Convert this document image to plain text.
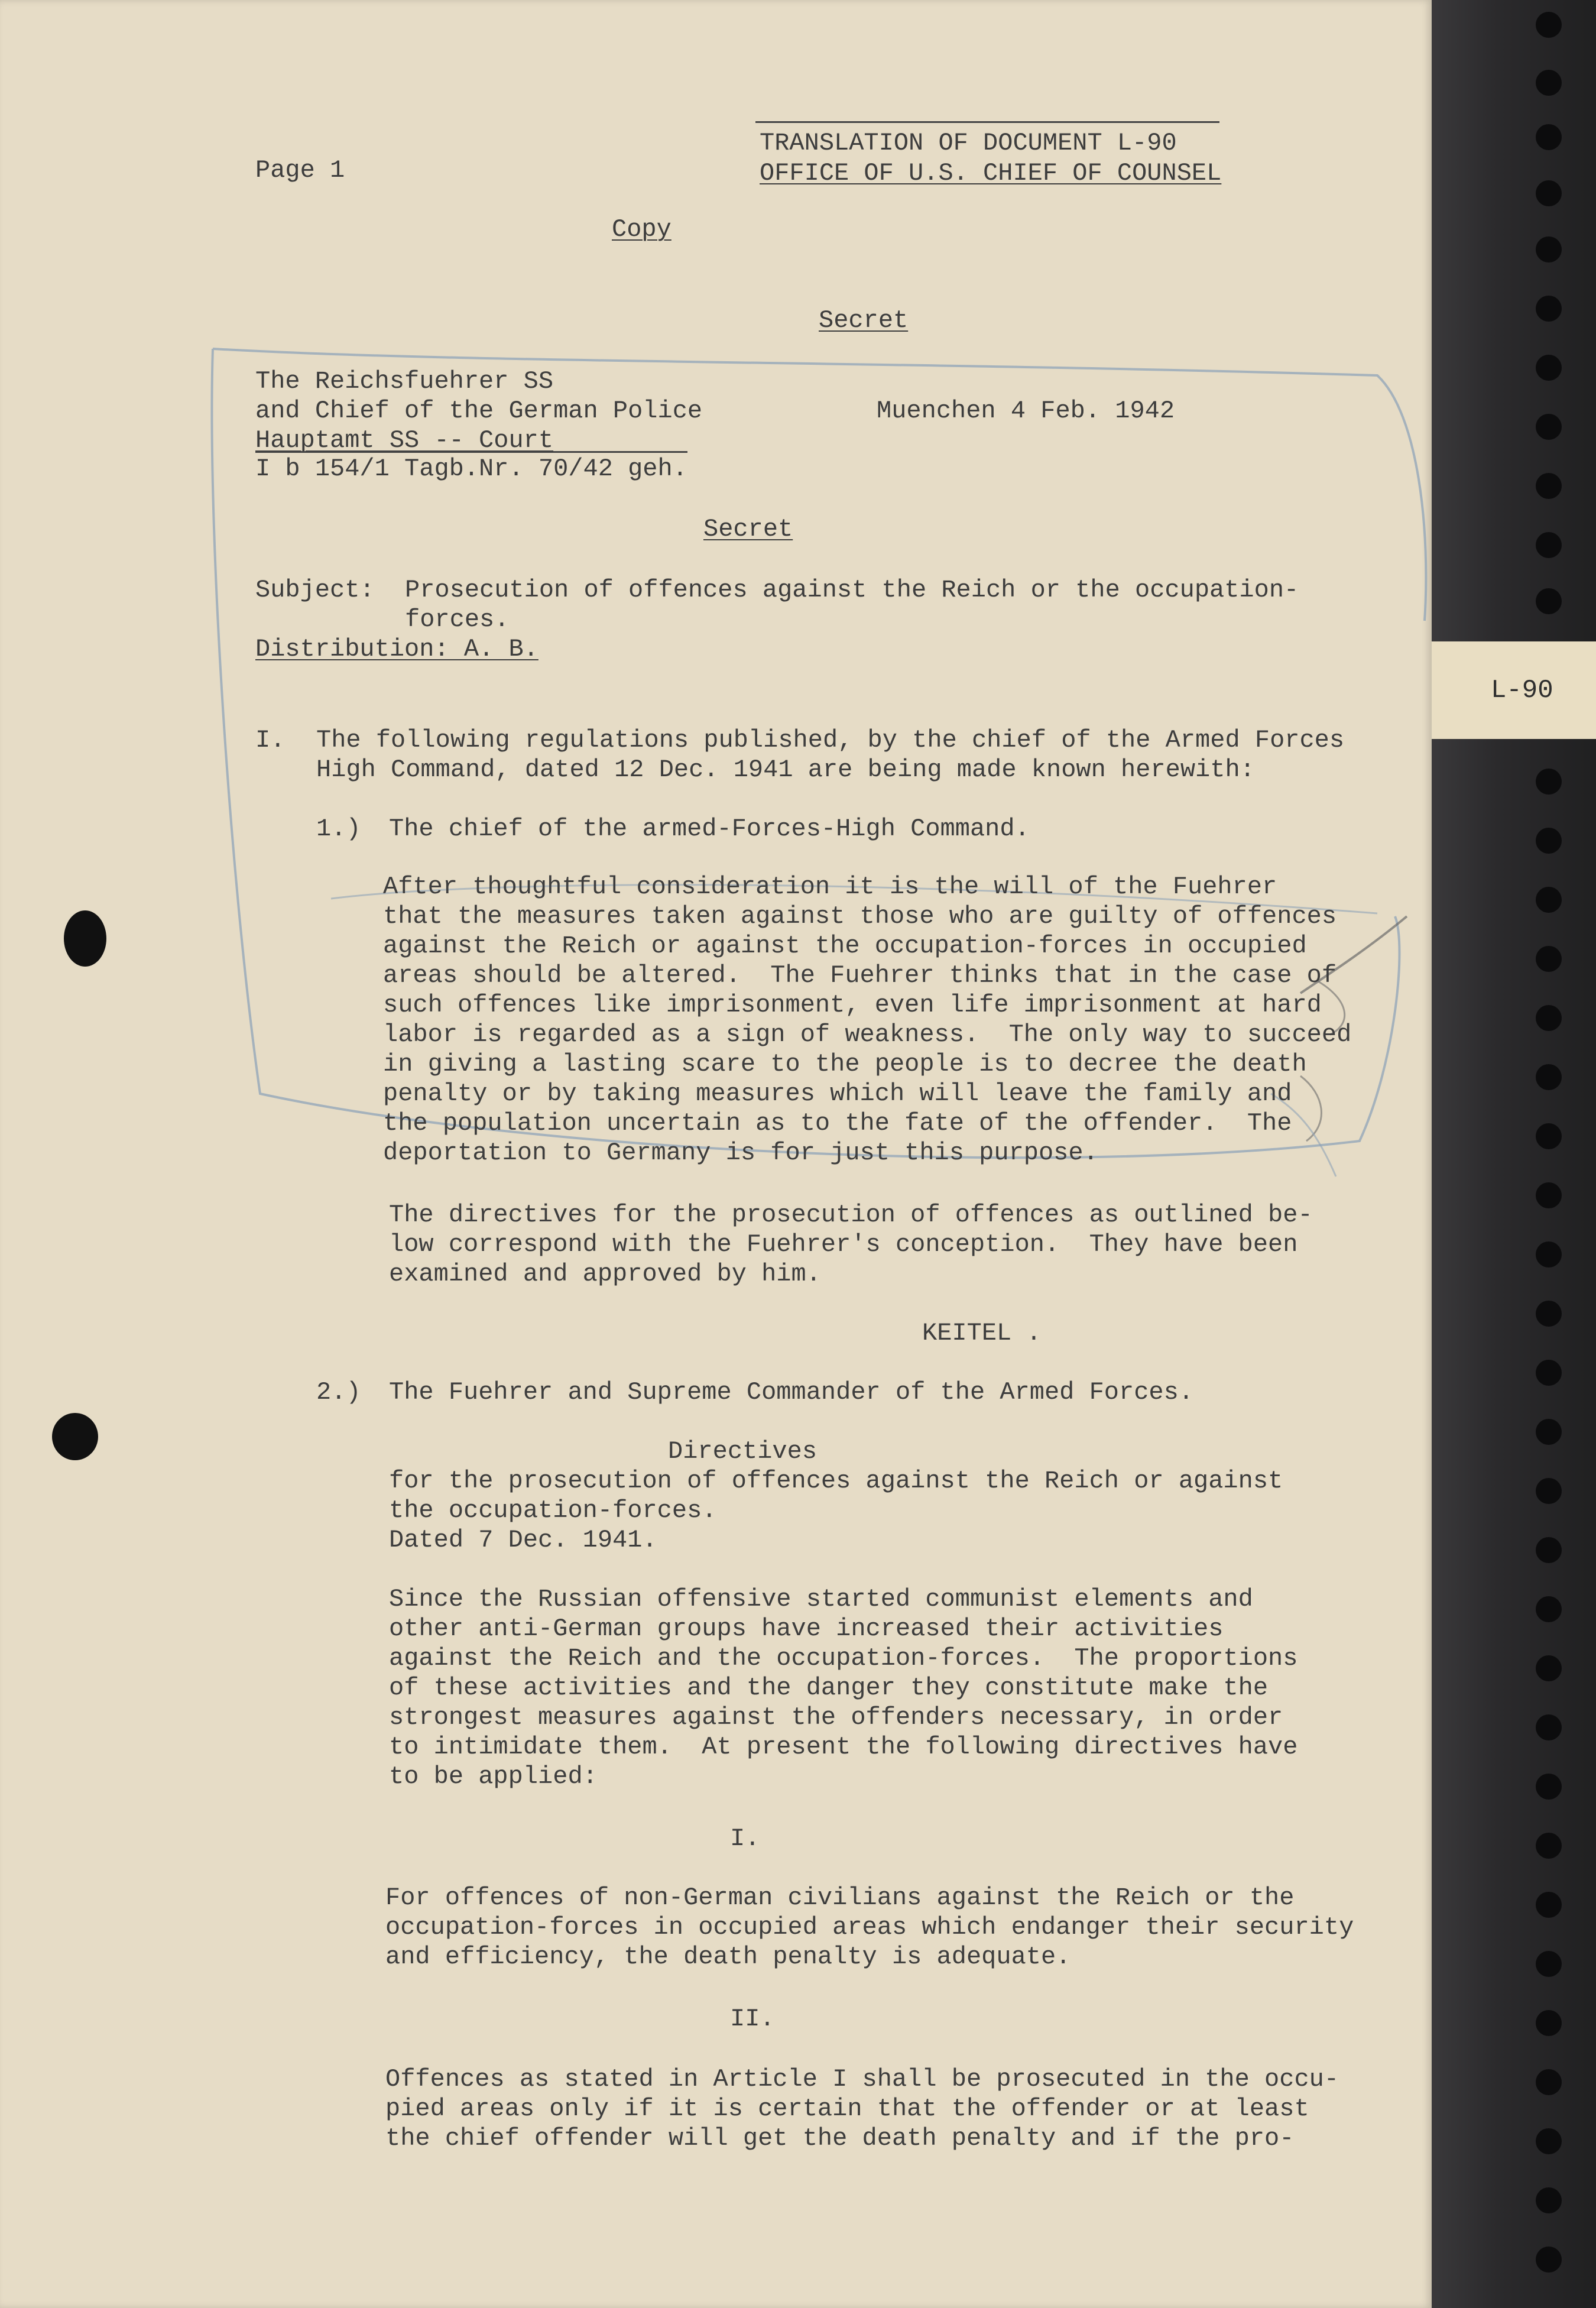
L-90
Page 1
TRANSLATION OF DOCUMENT L-90
OFFICE OF U.S. CHIEF OF COUNSEL
Copy
Secret
The Reichsfuehrer SS
and Chief of the German Police
Hauptamt SS -- Court
I b 154/1 Tagb.Nr. 70/42 geh.
Muenchen 4 Feb. 1942
Secret
Subject: Prosecution of offences against the Reich or the occupation-
forces.
Distribution: A. B.
I. The following regulations published, by the chief of the Armed Forces
High Command, dated 12 Dec. 1941 are being made known herewith:
1.) The chief of the armed-Forces-High Command.
After thoughtful consideration it is the will of the Fuehrer
that the measures taken against those who are guilty of offences
against the Reich or against the occupation-forces in occupied
areas should be altered.  The Fuehrer thinks that in the case of
such offences like imprisonment, even life imprisonment at hard
labor is regarded as a sign of weakness.  The only way to succeed
in giving a lasting scare to the people is to decree the death
penalty or by taking measures which will leave the family and
the population uncertain as to the fate of the offender.  The
deportation to Germany is for just this purpose.
The directives for the prosecution of offences as outlined be-
low correspond with the Fuehrer's conception.  They have been
examined and approved by him.
KEITEL .
2.) The Fuehrer and Supreme Commander of the Armed Forces.
Directives
for the prosecution of offences against the Reich or against
the occupation-forces.
Dated 7 Dec. 1941.
Since the Russian offensive started communist elements and
other anti-German groups have increased their activities
against the Reich and the occupation-forces.  The proportions
of these activities and the danger they constitute make the
strongest measures against the offenders necessary, in order
to intimidate them.  At present the following directives have
to be applied:
I.
For offences of non-German civilians against the Reich or the
occupation-forces in occupied areas which endanger their security
and efficiency, the death penalty is adequate.
II.
Offences as stated in Article I shall be prosecuted in the occu-
pied areas only if it is certain that the offender or at least
the chief offender will get the death penalty and if the pro-
